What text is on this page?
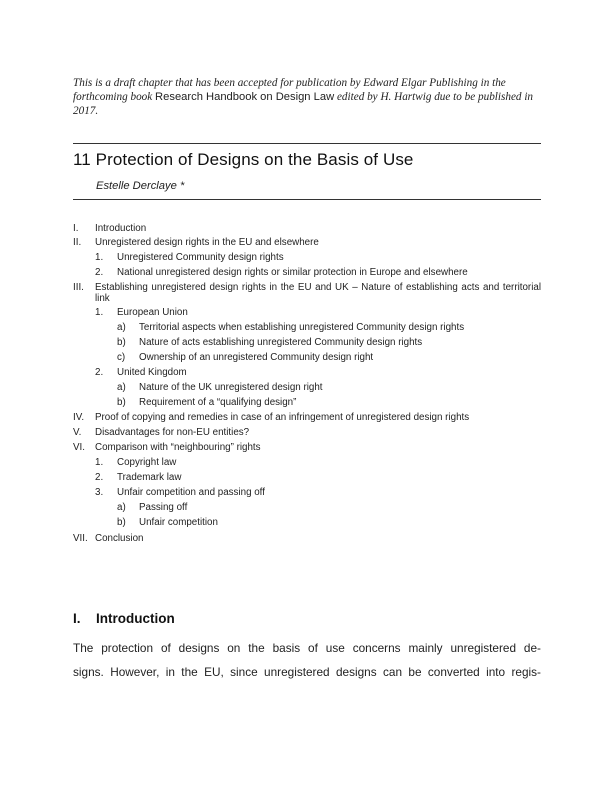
This is a draft chapter that has been accepted for publication by Edward Elgar Publishing in the forthcoming book Research Handbook on Design Law edited by H. Hartwig due to be published in 2017.
11 Protection of Designs on the Basis of Use
Estelle Derclaye *
I. Introduction
II. Unregistered design rights in the EU and elsewhere
1. Unregistered Community design rights
2. National unregistered design rights or similar protection in Europe and elsewhere
III. Establishing unregistered design rights in the EU and UK – Nature of establishing acts and territorial link
1. European Union
a) Territorial aspects when establishing unregistered Community design rights
b) Nature of acts establishing unregistered Community design rights
c) Ownership of an unregistered Community design right
2. United Kingdom
a) Nature of the UK unregistered design right
b) Requirement of a “qualifying design”
IV. Proof of copying and remedies in case of an infringement of unregistered design rights
V. Disadvantages for non-EU entities?
VI. Comparison with “neighbouring” rights
1. Copyright law
2. Trademark law
3. Unfair competition and passing off
a) Passing off
b) Unfair competition
VII. Conclusion
I. Introduction
The protection of designs on the basis of use concerns mainly unregistered de-
signs. However, in the EU, since unregistered designs can be converted into regis-
